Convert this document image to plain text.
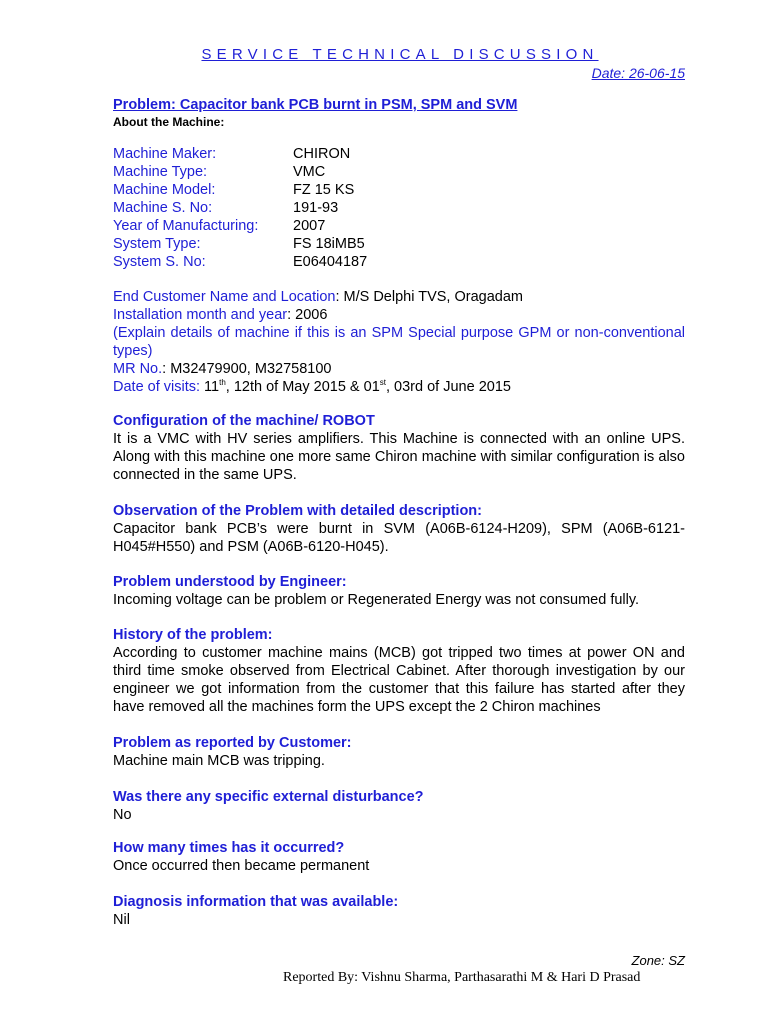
SERVICE TECHNICAL DISCUSSION
Date: 26-06-15
Problem: Capacitor bank PCB burnt in PSM, SPM and SVM
About the Machine:
Machine Maker:	CHIRON
Machine Type:	VMC
Machine Model:	FZ 15 KS
Machine S. No:	191-93
Year of Manufacturing:	2007
System Type:	FS 18iMB5
System S. No:	E06404187
End Customer Name and Location: M/S Delphi TVS, Oragadam
Installation month and year: 2006
(Explain details of machine if this is an SPM Special purpose GPM or non-conventional types)
MR No.: M32479900, M32758100
Date of visits: 11th, 12th of May 2015 & 01st, 03rd of June 2015
Configuration of the machine/ ROBOT
It is a VMC with HV series amplifiers. This Machine is connected with an online UPS. Along with this machine one more same Chiron machine with similar configuration is also connected in the same UPS.
Observation of the Problem with detailed description:
Capacitor bank PCB’s were burnt in SVM (A06B-6124-H209), SPM (A06B-6121-H045#H550) and PSM (A06B-6120-H045).
Problem understood by Engineer:
Incoming voltage can be problem or Regenerated Energy was not consumed fully.
History of the problem:
According to customer machine mains (MCB) got tripped two times at power ON and third time smoke observed from Electrical Cabinet. After thorough investigation by our engineer we got information from the customer that this failure has started after they have removed all the machines form the UPS except the 2 Chiron machines
Problem as reported by Customer:
Machine main MCB was tripping.
Was there any specific external disturbance?
No
How many times has it occurred?
Once occurred then became permanent
Diagnosis information that was available:
Nil
Zone: SZ
Reported By: Vishnu Sharma, Parthasarathi M & Hari D Prasad
